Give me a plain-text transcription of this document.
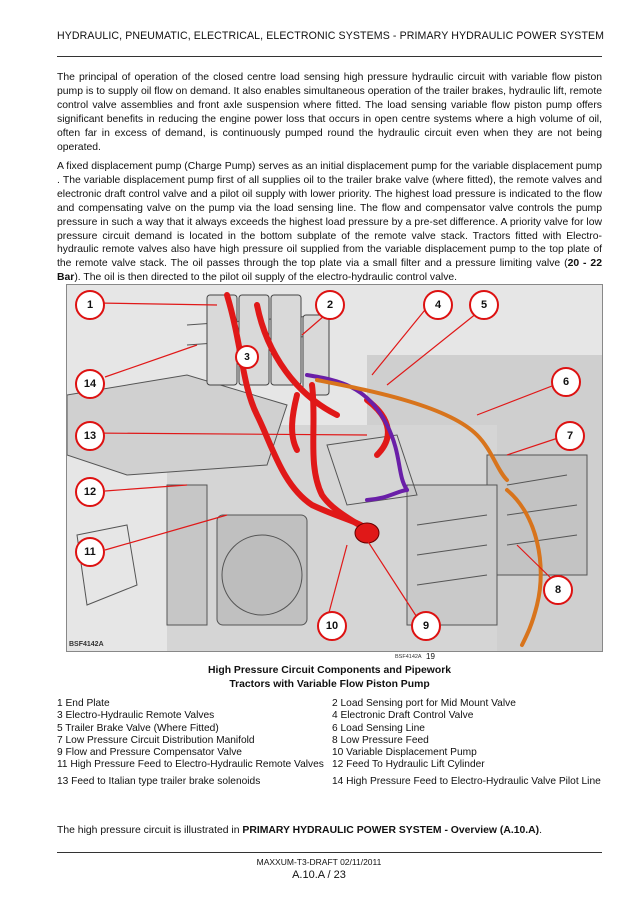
HYDRAULIC, PNEUMATIC, ELECTRICAL, ELECTRONIC SYSTEMS - PRIMARY HYDRAULIC POWER SYSTEM
The principal of operation of the closed centre load sensing high pressure hydraulic circuit with variable flow piston pump is to supply oil flow on demand. It also enables simultaneous operation of the trailer brakes, hydraulic lift, remote control valve assemblies and front axle suspension where fitted. The load sensing variable flow piston pump offers significant benefits in reducing the engine power loss that occurs in open centre systems where a high volume of oil, often far in excess of demand, is continuously pumped round the hydraulic circuit even when they are not being operated.
A fixed displacement pump (Charge Pump) serves as an initial displacement pump for the variable displacement pump . The variable displacement pump first of all supplies oil to the trailer brake valve (where fitted), the remote valves and electronic draft control valve and a pilot oil supply with lower priority. The highest load pressure is indicated to the flow and compensating valve on the pump via the load sensing line. The flow and compensator valve controls the pump pressure in such a way that it always exceeds the highest load pressure by a pre-set difference. A priority valve for low pressure circuit demand is located in the bottom subplate of the remote valve stack. Tractors fitted with Electro-hydraulic remote valves also have high pressure oil supplied from the variable displacement pump to the top plate of the remote valve stack. The oil passes through the top plate via a small filter and a pressure limiting valve (20 - 22 Bar). The oil is then directed to the pilot oil supply of the electro-hydraulic control valve.
1	2
14
4	5
6
7
13
12
11
8
9
10
3
BSF4142A
BSF4142A 19
High Pressure Circuit Components and Pipework
Tractors with Variable Flow Piston Pump
1 End Plate	2 Load Sensing port for Mid Mount Valve
3 Electro-Hydraulic Remote Valves	4 Electronic Draft Control Valve
5 Trailer Brake Valve (Where Fitted)	6 Load Sensing Line
7 Low Pressure Circuit Distribution Manifold	8 Low Pressure Feed
9 Flow and Pressure Compensator Valve	10 Variable Displacement Pump
11 High Pressure Feed to Electro-Hydraulic Remote Valves 12 Feed To Hydraulic Lift Cylinder
13 Feed to Italian type trailer brake solenoids	14 High Pressure Feed to Electro-Hydraulic Valve Pilot Line
The high pressure circuit is illustrated in PRIMARY HYDRAULIC POWER SYSTEM - Overview (A.10.A).
MAXXUM-T3-DRAFT 02/11/2011
A.10.A / 23
